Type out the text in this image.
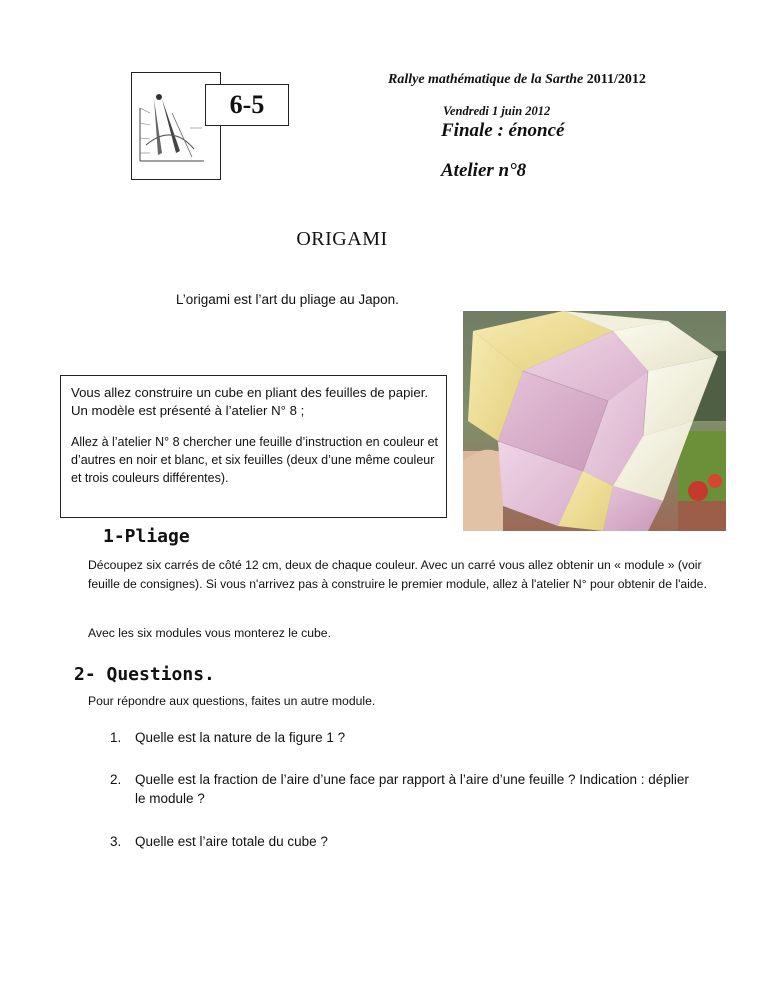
6-5
Rallye mathématique de la Sarthe 2011/2012
Vendredi 1 juin 2012
Finale : énoncé
Atelier n°8
ORIGAMI
L’origami est l’art du pliage au Japon.
Vous allez construire un cube en pliant des feuilles de papier. Un modèle est présenté à l’atelier N° 8 ;
Allez à l’atelier N° 8 chercher une feuille d’instruction en couleur et d’autres en noir et blanc, et six feuilles (deux d’une même couleur et trois couleurs différentes).
1-Pliage
Découpez six carrés de côté 12 cm, deux de chaque couleur. Avec un carré vous allez obtenir un « module » (voir feuille de consignes). Si vous n'arrivez pas à construire le premier module, allez à l'atelier N° pour obtenir de l'aide.
Avec les six modules vous monterez le cube.
2- Questions.
Pour répondre aux questions, faites un autre module.
1. Quelle est la nature de la figure 1 ?
2. Quelle est la fraction de l’aire d’une face par rapport à l’aire d’une feuille ? Indication : déplier le module ?
3. Quelle est l’aire totale du cube ?
